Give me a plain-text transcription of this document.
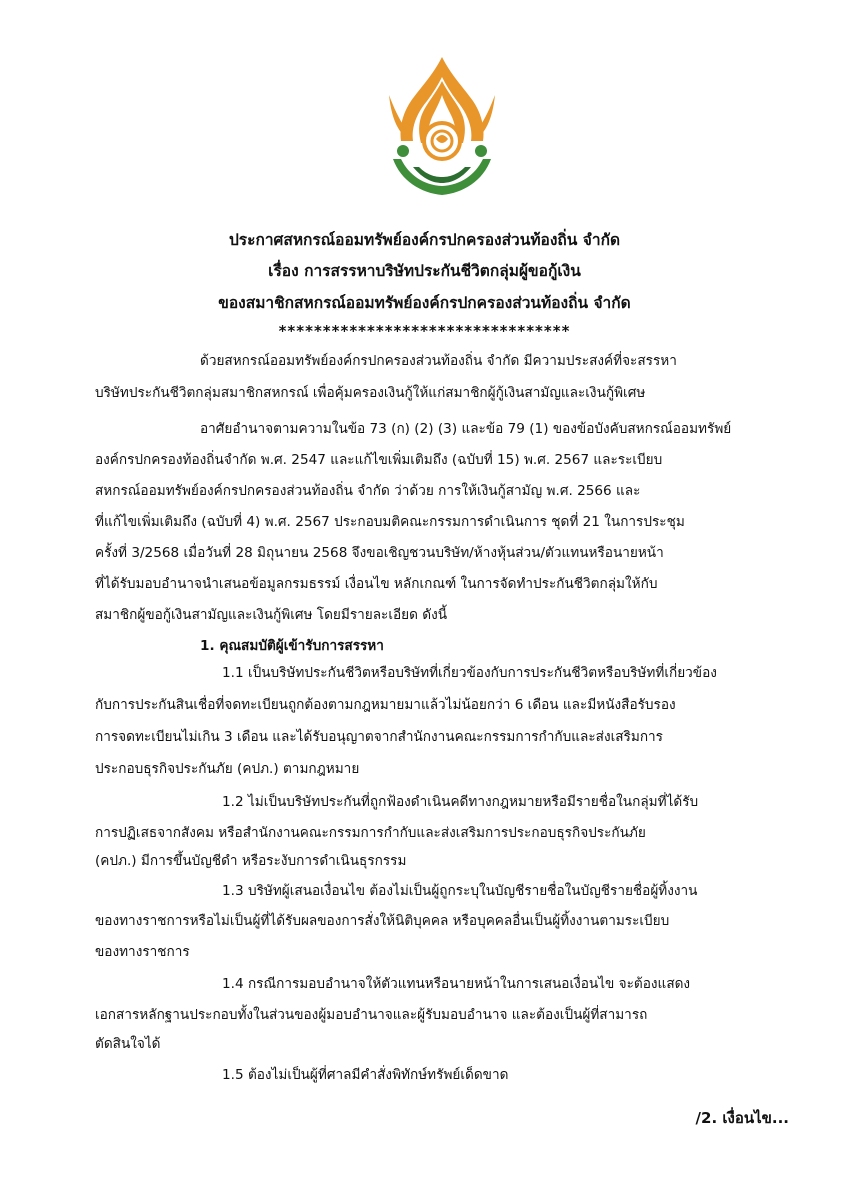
ประกาศสหกรณ์ออมทรัพย์องค์กรปกครองส่วนท้องถิ่น จำกัด
เรื่อง การสรรหาบริษัทประกันชีวิตกลุ่มผู้ขอกู้เงิน
ของสมาชิกสหกรณ์ออมทรัพย์องค์กรปกครองส่วนท้องถิ่น จำกัด
*********************************
ด้วยสหกรณ์ออมทรัพย์องค์กรปกครองส่วนท้องถิ่น จำกัด มีความประสงค์ที่จะสรรหา
บริษัทประกันชีวิตกลุ่มสมาชิกสหกรณ์ เพื่อคุ้มครองเงินกู้ให้แก่สมาชิกผู้กู้เงินสามัญและเงินกู้พิเศษ
อาศัยอำนาจตามความในข้อ 73 (ก) (2) (3) และข้อ 79 (1) ของข้อบังคับสหกรณ์ออมทรัพย์
องค์กรปกครองท้องถิ่นจำกัด พ.ศ. 2547 และแก้ไขเพิ่มเติมถึง (ฉบับที่ 15) พ.ศ. 2567 และระเบียบ
สหกรณ์ออมทรัพย์องค์กรปกครองส่วนท้องถิ่น จำกัด ว่าด้วย การให้เงินกู้สามัญ พ.ศ. 2566 และ
ที่แก้ไขเพิ่มเติมถึง (ฉบับที่ 4) พ.ศ. 2567 ประกอบมติคณะกรรมการดำเนินการ ชุดที่ 21 ในการประชุม
ครั้งที่ 3/2568 เมื่อวันที่ 28 มิถุนายน 2568 จึงขอเชิญชวนบริษัท/ห้างหุ้นส่วน/ตัวแทนหรือนายหน้า
ที่ได้รับมอบอำนาจนำเสนอข้อมูลกรมธรรม์ เงื่อนไข หลักเกณฑ์ ในการจัดทำประกันชีวิตกลุ่มให้กับ
สมาชิกผู้ขอกู้เงินสามัญและเงินกู้พิเศษ โดยมีรายละเอียด ดังนี้
1. คุณสมบัติผู้เข้ารับการสรรหา
1.1 เป็นบริษัทประกันชีวิตหรือบริษัทที่เกี่ยวข้องกับการประกันชีวิตหรือบริษัทที่เกี่ยวข้อง
กับการประกันสินเชื่อที่จดทะเบียนถูกต้องตามกฎหมายมาแล้วไม่น้อยกว่า 6 เดือน และมีหนังสือรับรอง
การจดทะเบียนไม่เกิน 3 เดือน และได้รับอนุญาตจากสำนักงานคณะกรรมการกำกับและส่งเสริมการ
ประกอบธุรกิจประกันภัย (คปภ.) ตามกฎหมาย
1.2 ไม่เป็นบริษัทประกันที่ถูกฟ้องดำเนินคดีทางกฎหมายหรือมีรายชื่อในกลุ่มที่ได้รับ
การปฏิเสธจากสังคม หรือสำนักงานคณะกรรมการกำกับและส่งเสริมการประกอบธุรกิจประกันภัย
(คปภ.) มีการขึ้นบัญชีดำ หรือระงับการดำเนินธุรกรรม
1.3 บริษัทผู้เสนอเงื่อนไข ต้องไม่เป็นผู้ถูกระบุในบัญชีรายชื่อในบัญชีรายชื่อผู้ทิ้งงาน
ของทางราชการหรือไม่เป็นผู้ที่ได้รับผลของการสั่งให้นิติบุคคล หรือบุคคลอื่นเป็นผู้ทิ้งงานตามระเบียบ
ของทางราชการ
1.4 กรณีการมอบอำนาจให้ตัวแทนหรือนายหน้าในการเสนอเงื่อนไข จะต้องแสดง
เอกสารหลักฐานประกอบทั้งในส่วนของผู้มอบอำนาจและผู้รับมอบอำนาจ และต้องเป็นผู้ที่สามารถ
ตัดสินใจได้
1.5 ต้องไม่เป็นผู้ที่ศาลมีคำสั่งพิทักษ์ทรัพย์เด็ดขาด
/2. เงื่อนไข...
